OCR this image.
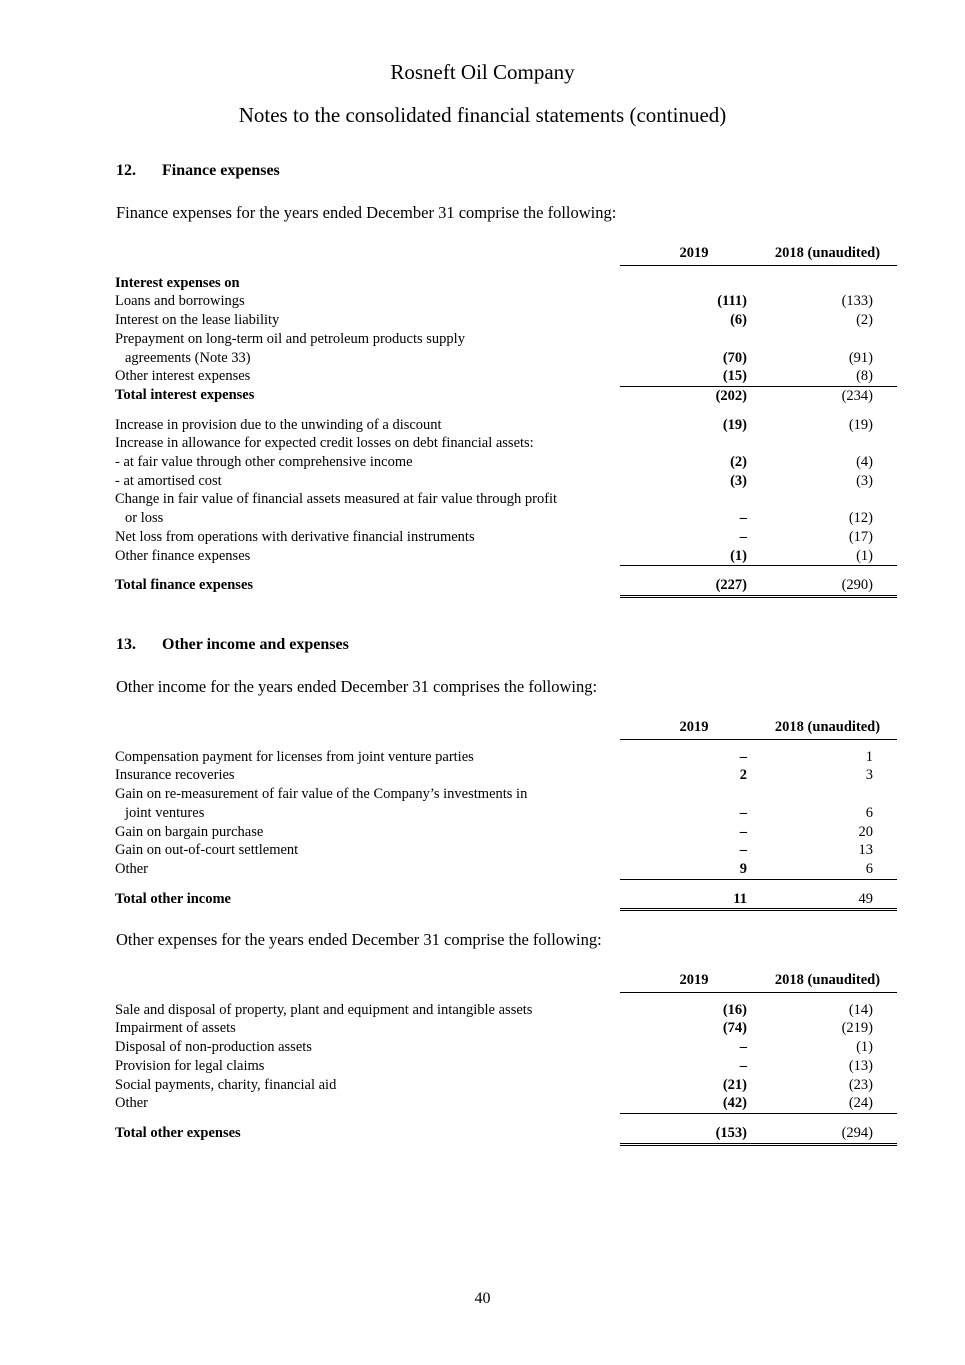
Rosneft Oil Company
Notes to the consolidated financial statements (continued)
12. Finance expenses
Finance expenses for the years ended December 31 comprise the following:
	2019	2018 (unaudited)

Interest expenses on		
Loans and borrowings	(111)	(133)
Interest on the lease liability	(6)	(2)
Prepayment on long-term oil and petroleum products supply		
agreements (Note 33)	(70)	(91)
Other interest expenses	(15)	(8)
Total interest expenses	(202)	(234)

Increase in provision due to the unwinding of a discount	(19)	(19)
Increase in allowance for expected credit losses on debt financial assets:		
- at fair value through other comprehensive income	(2)	(4)
- at amortised cost	(3)	(3)
Change in fair value of financial assets measured at fair value through profit		
or loss	–	(12)
Net loss from operations with derivative financial instruments	–	(17)
Other finance expenses	(1)	(1)

Total finance expenses	(227)	(290)
13. Other income and expenses
Other income for the years ended December 31 comprises the following:
	2019	2018 (unaudited)

Compensation payment for licenses from joint venture parties	–	1
Insurance recoveries	2	3
Gain on re-measurement of fair value of the Company’s investments in		
joint ventures	–	6
Gain on bargain purchase	–	20
Gain on out-of-court settlement	–	13
Other	9	6

Total other income	11	49
Other expenses for the years ended December 31 comprise the following:
	2019	2018 (unaudited)

Sale and disposal of property, plant and equipment and intangible assets	(16)	(14)
Impairment of assets	(74)	(219)
Disposal of non-production assets	–	(1)
Provision for legal claims	–	(13)
Social payments, charity, financial aid	(21)	(23)
Other	(42)	(24)

Total other expenses	(153)	(294)
40
